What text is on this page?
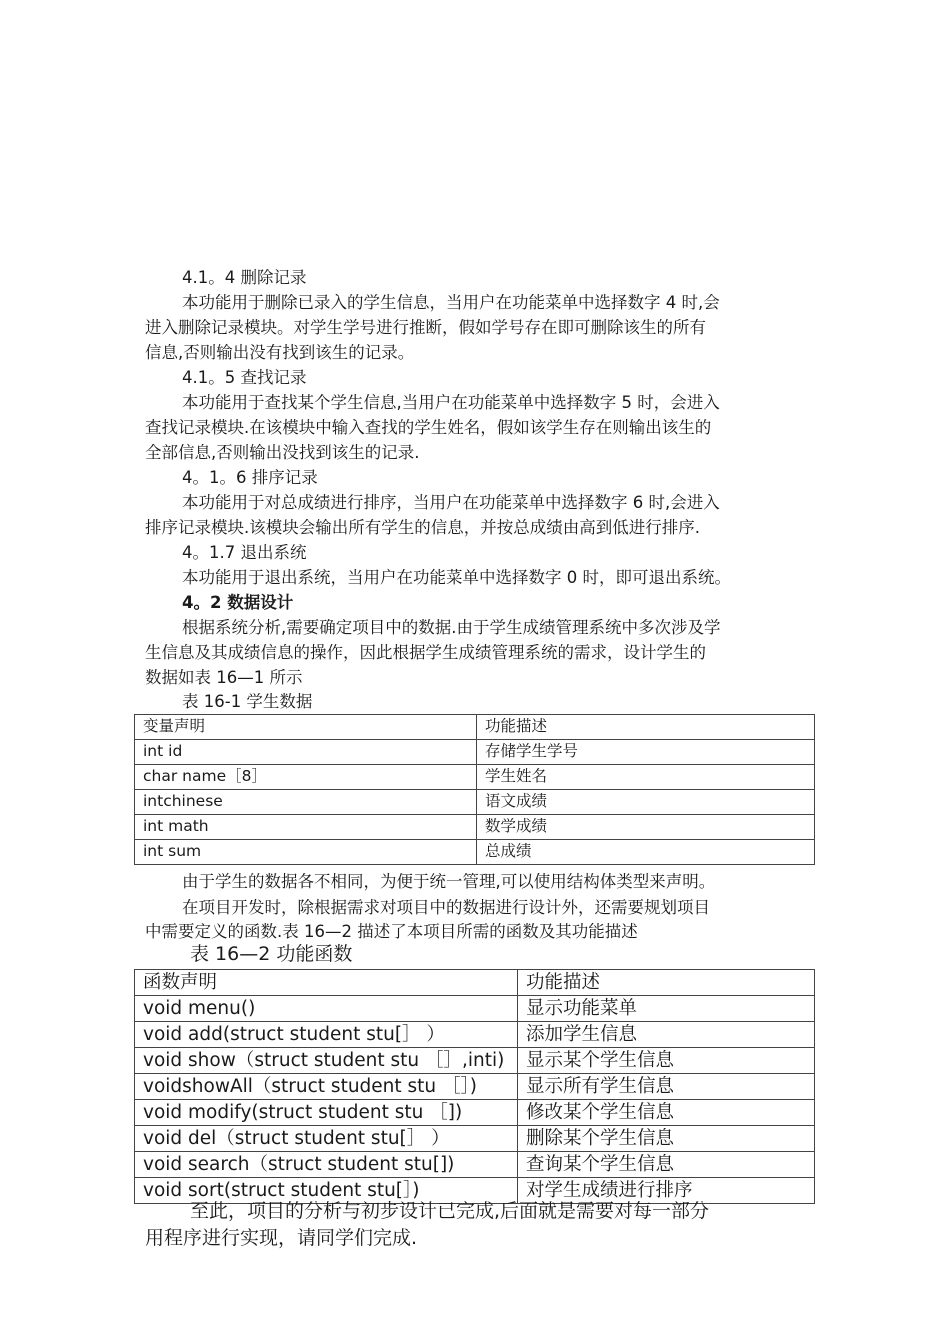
4.1。4 删除记录
本功能用于删除已录入的学生信息，当用户在功能菜单中选择数字 4 时,会
进入删除记录模块。对学生学号进行推断，假如学号存在即可删除该生的所有
信息,否则输出没有找到该生的记录。
4.1。5 查找记录
本功能用于查找某个学生信息,当用户在功能菜单中选择数字 5 时，会进入
查找记录模块.在该模块中输入查找的学生姓名，假如该学生存在则输出该生的
全部信息,否则输出没找到该生的记录.
4。1。6 排序记录
本功能用于对总成绩进行排序，当用户在功能菜单中选择数字 6 时,会进入
排序记录模块.该模块会输出所有学生的信息，并按总成绩由高到低进行排序.
4。1.7 退出系统
本功能用于退出系统，当用户在功能菜单中选择数字 0 时，即可退出系统。
4。2 数据设计
根据系统分析,需要确定项目中的数据.由于学生成绩管理系统中多次涉及学
生信息及其成绩信息的操作，因此根据学生成绩管理系统的需求，设计学生的
数据如表 16—1 所示
表 16-1 学生数据
变量声明	功能描述
int id	存储学生学号
char name［8］	学生姓名
intchinese	语文成绩
int math	数学成绩
int sum	总成绩
由于学生的数据各不相同，为便于统一管理,可以使用结构体类型来声明。
在项目开发时，除根据需求对项目中的数据进行设计外，还需要规划项目
中需要定义的函数.表 16—2 描述了本项目所需的函数及其功能描述
表 16—2 功能函数
函数声明	功能描述
void menu()	显示功能菜单
void add(struct student stu[］ ）	添加学生信息
void show（struct student stu ［］,inti)	显示某个学生信息
voidshowAll（struct student stu ［］)	显示所有学生信息
void modify(struct student stu ［])	修改某个学生信息
void del（struct student stu[］ ）	删除某个学生信息
void search（struct student stu[])	查询某个学生信息
void sort(struct student stu[］)	对学生成绩进行排序
至此，项目的分析与初步设计已完成,后面就是需要对每一部分
用程序进行实现，请同学们完成.
